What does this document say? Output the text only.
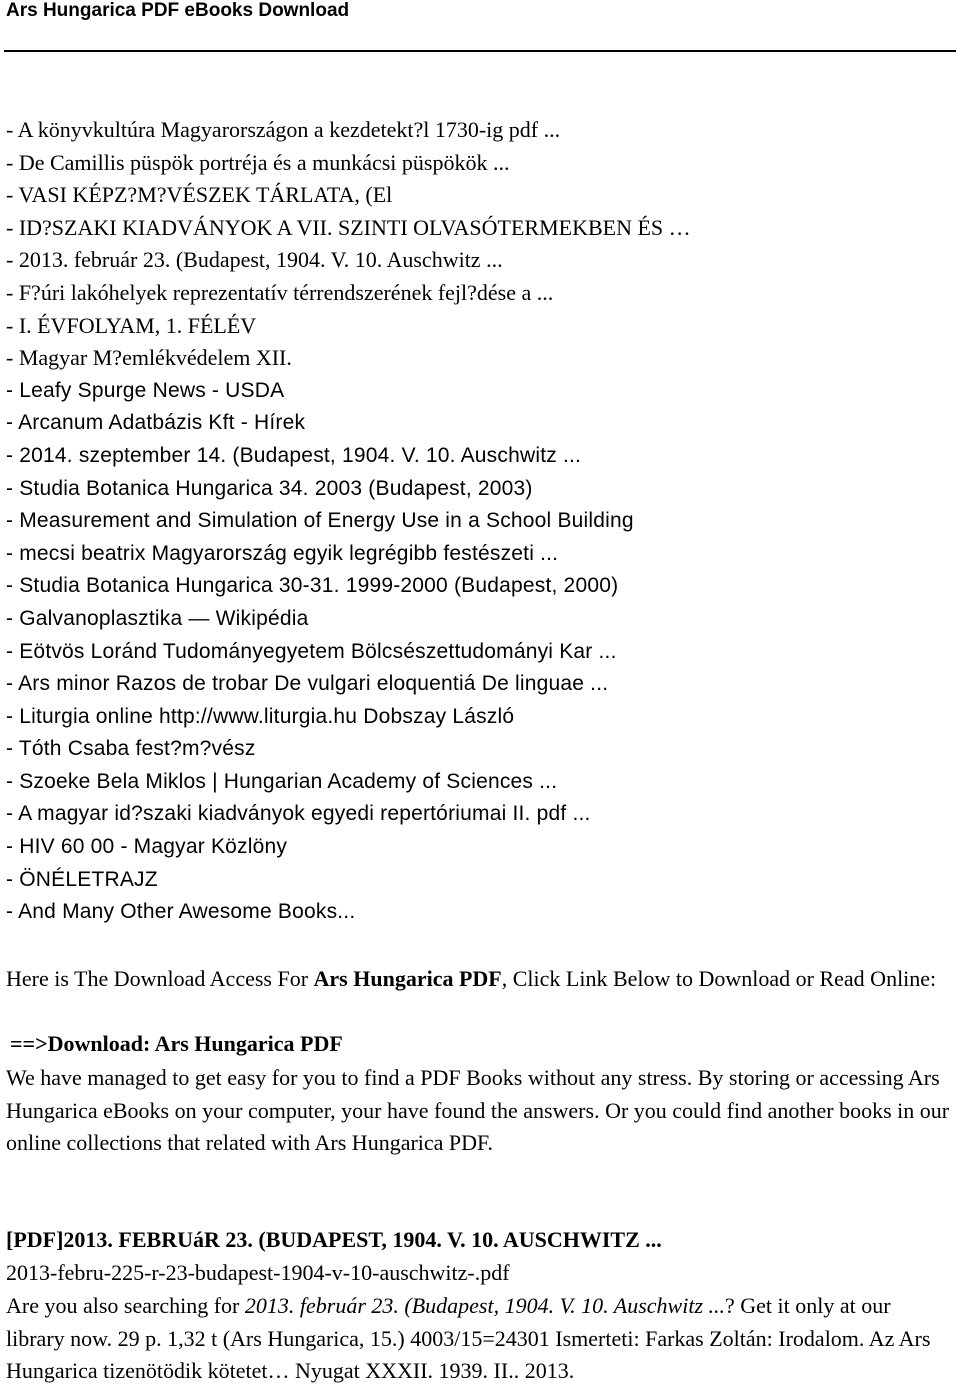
Ars Hungarica PDF eBooks Download
- A könyvkultúra Magyarországon a kezdetekt?l 1730-ig pdf ...
- De Camillis püspök portréja és a munkácsi püspökök ...
- VASI KÉPZ?M?VÉSZEK TÁRLATA, (El
- ID?SZAKI KIADVÁNYOK A VII. SZINTI OLVASÓTERMEKBEN ÉS …
- 2013. február 23. (Budapest, 1904. V. 10. Auschwitz ...
- F?úri lakóhelyek reprezentatív térrendszerének fejl?dése a ...
- I. ÉVFOLYAM, 1. FÉLÉV
- Magyar M?emlékvédelem XII.
- Leafy Spurge News - USDA
- Arcanum Adatbázis Kft - Hírek
- 2014. szeptember 14. (Budapest, 1904. V. 10. Auschwitz ...
- Studia Botanica Hungarica 34. 2003 (Budapest, 2003)
- Measurement and Simulation of Energy Use in a School Building
- mecsi beatrix Magyarország egyik legrégibb festészeti ...
- Studia Botanica Hungarica 30-31. 1999-2000 (Budapest, 2000)
- Galvanoplasztika — Wikipédia
- Eötvös Loránd Tudományegyetem Bölcsészettudományi Kar ...
- Ars minor Razos de trobar De vulgari eloquentiá De linguae ...
- Liturgia online http://www.liturgia.hu Dobszay László
- Tóth Csaba fest?m?vész
- Szoeke Bela Miklos | Hungarian Academy of Sciences ...
- A magyar id?szaki kiadványok egyedi repertóriumai II. pdf ...
- HIV 60 00 - Magyar Közlöny
- ÖNÉLETRAJZ
- And Many Other Awesome Books...
Here is The Download Access For Ars Hungarica PDF, Click Link Below to Download or Read Online:
==>Download: Ars Hungarica PDF
We have managed to get easy for you to find a PDF Books without any stress. By storing or accessing Ars Hungarica eBooks on your computer, your have found the answers. Or you could find another books in our online collections that related with Ars Hungarica PDF.
[PDF]2013. FEBRUáR 23. (BUDAPEST, 1904. V. 10. AUSCHWITZ ...
2013-febru-225-r-23-budapest-1904-v-10-auschwitz-.pdf
Are you also searching for 2013. február 23. (Budapest, 1904. V. 10. Auschwitz ...? Get it only at our library now. 29 p. 1,32 t (Ars Hungarica, 15.) 4003/15=24301 Ismerteti: Farkas Zoltán: Irodalom. Az Ars Hungarica tizenötödik kötetet… Nyugat XXXII. 1939. II.. 2013.
